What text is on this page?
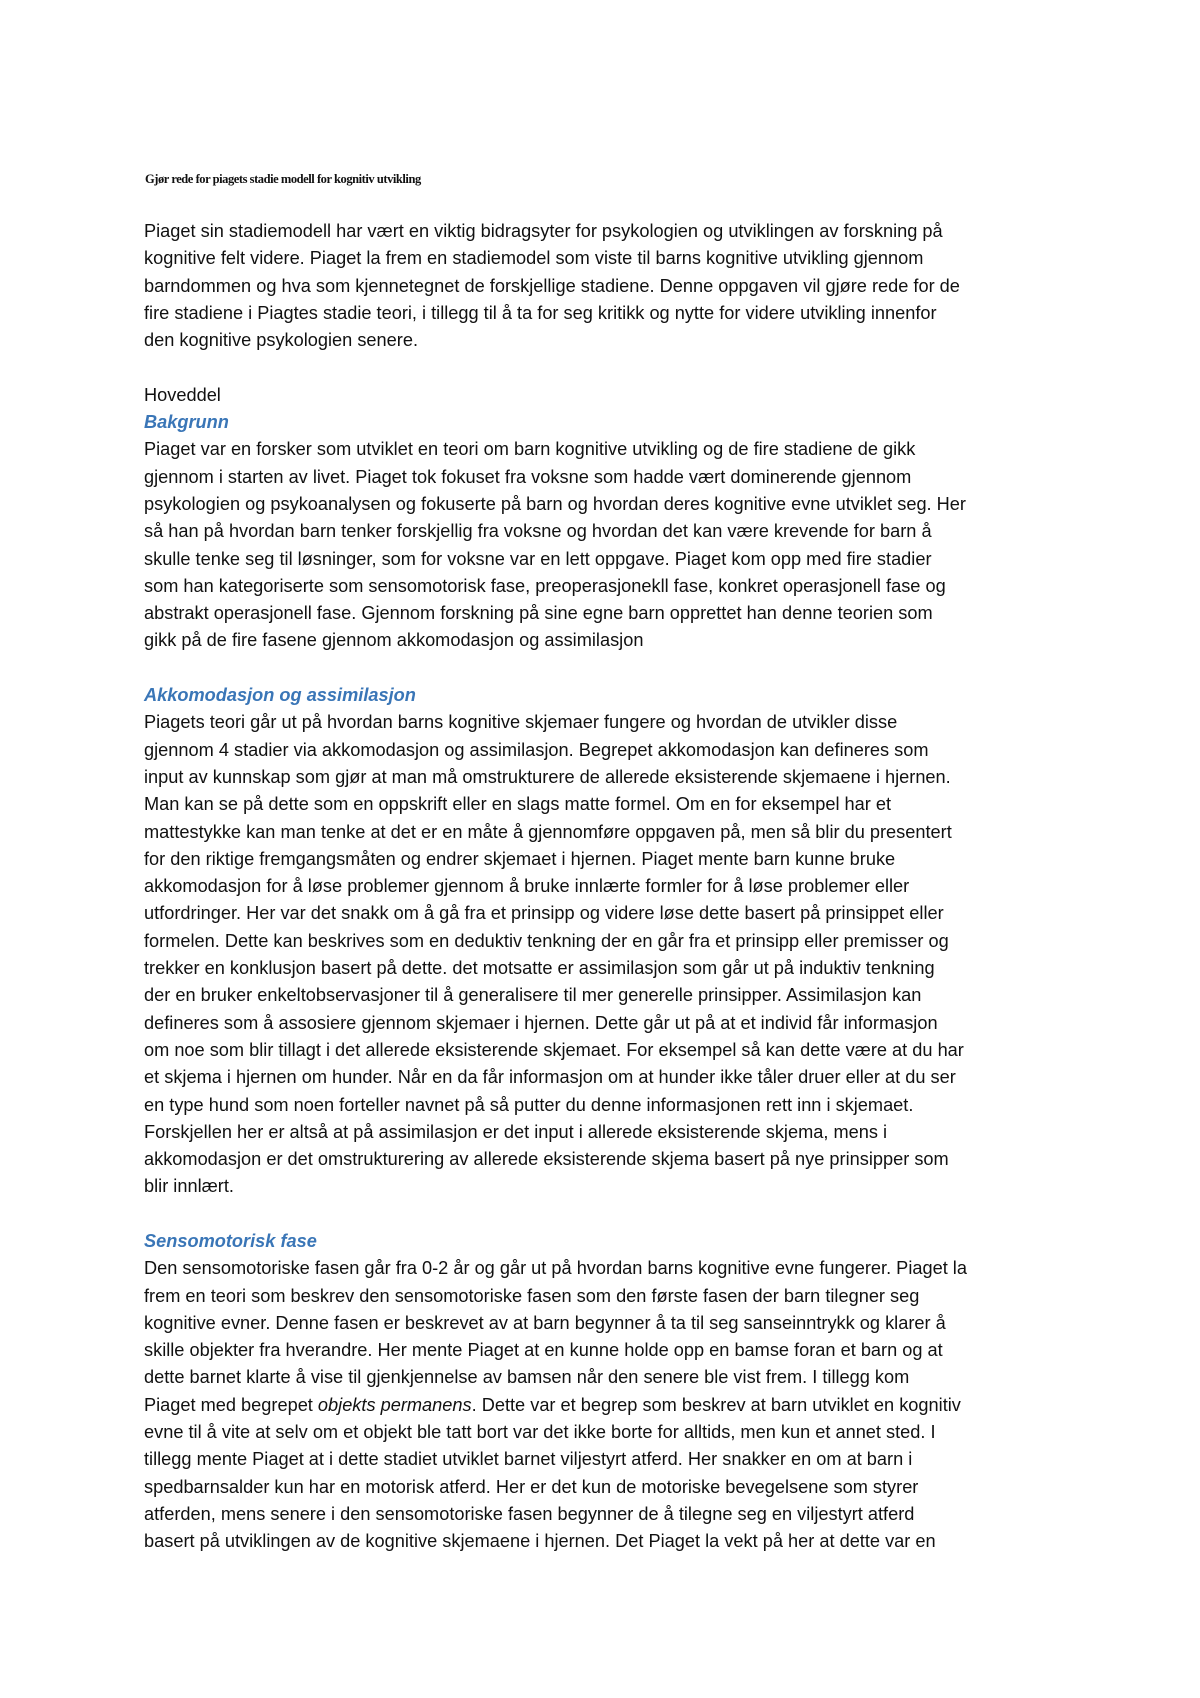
Gjør rede for piagets stadie modell for kognitiv utvikling

Piaget sin stadiemodell har vært en viktig bidragsyter for psykologien og utviklingen av forskning på
kognitive felt videre. Piaget la frem en stadiemodel som viste til barns kognitive utvikling gjennom
barndommen og hva som kjennetegnet de forskjellige stadiene. Denne oppgaven vil gjøre rede for de
fire stadiene i Piagtes stadie teori, i tillegg til å ta for seg kritikk og nytte for videre utvikling innenfor
den kognitive psykologien senere.

Hoveddel

Bakgrunn

Piaget var en forsker som utviklet en teori om barn kognitive utvikling og de fire stadiene de gikk
gjennom i starten av livet. Piaget tok fokuset fra voksne som hadde vært dominerende gjennom
psykologien og psykoanalysen og fokuserte på barn og hvordan deres kognitive evne utviklet seg. Her
så han på hvordan barn tenker forskjellig fra voksne og hvordan det kan være krevende for barn å
skulle tenke seg til løsninger, som for voksne var en lett oppgave. Piaget kom opp med fire stadier
som han kategoriserte som sensomotorisk fase, preoperasjonekll fase, konkret operasjonell fase og
abstrakt operasjonell fase. Gjennom forskning på sine egne barn opprettet han denne teorien som
gikk på de fire fasene gjennom akkomodasjon og assimilasjon

Akkomodasjon og assimilasjon

Piagets teori går ut på hvordan barns kognitive skjemaer fungere og hvordan de utvikler disse
gjennom 4 stadier via akkomodasjon og assimilasjon. Begrepet akkomodasjon kan defineres som
input av kunnskap som gjør at man må omstrukturere de allerede eksisterende skjemaene i hjernen.
Man kan se på dette som en oppskrift eller en slags matte formel. Om en for eksempel har et
mattestykke kan man tenke at det er en måte å gjennomføre oppgaven på, men så blir du presentert
for den riktige fremgangsmåten og endrer skjemaet i hjernen. Piaget mente barn kunne bruke
akkomodasjon for å løse problemer gjennom å bruke innlærte formler for å løse problemer eller
utfordringer. Her var det snakk om å gå fra et prinsipp og videre løse dette basert på prinsippet eller
formelen. Dette kan beskrives som en deduktiv tenkning der en går fra et prinsipp eller premisser og
trekker en konklusjon basert på dette. det motsatte er assimilasjon som går ut på induktiv tenkning
der en bruker enkeltobservasjoner til å generalisere til mer generelle prinsipper. Assimilasjon kan
defineres som å assosiere gjennom skjemaer i hjernen. Dette går ut på at et individ får informasjon
om noe som blir tillagt i det allerede eksisterende skjemaet. For eksempel så kan dette være at du har
et skjema i hjernen om hunder. Når en da får informasjon om at hunder ikke tåler druer eller at du ser
en type hund som noen forteller navnet på så putter du denne informasjonen rett inn i skjemaet.
Forskjellen her er altså at på assimilasjon er det input i allerede eksisterende skjema, mens i
akkomodasjon er det omstrukturering av allerede eksisterende skjema basert på nye prinsipper som
blir innlært.

Sensomotorisk fase

Den sensomotoriske fasen går fra 0-2 år og går ut på hvordan barns kognitive evne fungerer. Piaget la
frem en teori som beskrev den sensomotoriske fasen som den første fasen der barn tilegner seg
kognitive evner. Denne fasen er beskrevet av at barn begynner å ta til seg sanseinntrykk og klarer å
skille objekter fra hverandre. Her mente Piaget at en kunne holde opp en bamse foran et barn og at
dette barnet klarte å vise til gjenkjennelse av bamsen når den senere ble vist frem. I tillegg kom
Piaget med begrepet objekts permanens. Dette var et begrep som beskrev at barn utviklet en kognitiv
evne til å vite at selv om et objekt ble tatt bort var det ikke borte for alltids, men kun et annet sted. I
tillegg mente Piaget at i dette stadiet utviklet barnet viljestyrt atferd. Her snakker en om at barn i
spedbarnsalder kun har en motorisk atferd. Her er det kun de motoriske bevegelsene som styrer
atferden, mens senere i den sensomotoriske fasen begynner de å tilegne seg en viljestyrt atferd
basert på utviklingen av de kognitive skjemaene i hjernen. Det Piaget la vekt på her at dette var en
